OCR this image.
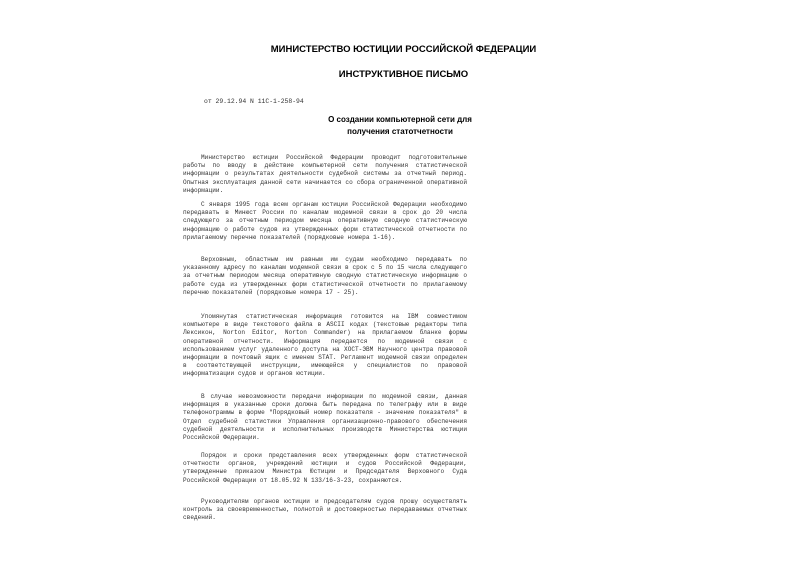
МИНИСТЕРСТВО ЮСТИЦИИ РОССИЙСКОЙ ФЕДЕРАЦИИ
ИНСТРУКТИВНОЕ ПИСЬМО
от 29.12.94 N 11С-1-258-94
О создании компьютерной сети для получения статотчетности
Министерство юстиции Российской Федерации проводит подготовительные работы по вводу в действие компьютерной сети получения статистической информации о результатах деятельности судебной системы за отчетный период. Опытная эксплуатация данной сети начинается со сбора ограниченной оперативной информации.
С января 1995 года всем органам юстиции Российской Федерации необходимо передавать в Минюст России по каналам модемной связи в срок до 20 числа следующего за отчетным периодом месяца оперативную сводную статистическую информацию о работе судов из утвержденных форм статистической отчетности по прилагаемому перечню показателей (порядковые номера 1-16).
Верховным, областным им равным им судам необходимо передавать по указанному адресу по каналам модемной связи в срок с 5 по 15 числа следующего за отчетным периодом месяца оперативную сводную статистическую информацию о работе суда из утвержденных форм статистической отчетности по прилагаемому перечню показателей (порядковые номера 17 - 25).
Упомянутая статистическая информация готовится на IBM совместимом компьютере в виде текстового файла в ASCII кодах (текстовые редакторы типа Лексикон, Norton Editor, Norton Commander) на прилагаемом бланке формы оперативной отчетности. Информация передается по модемной связи с использованием услуг удаленного доступа на ХОСТ-ЭВМ Научного центра правовой информации в почтовый ящик с именем STAT. Регламент модемной связи определен в соответствующей инструкции, имеющейся у специалистов по правовой информатизации судов и органов юстиции.
В случае невозможности передачи информации по модемной связи, данная информация в указанные сроки должна быть передана по телеграфу или в виде телефонограммы в форме "Порядковый номер показателя - значение показателя" в Отдел судебной статистики Управления организационно-правового обеспечения судебной деятельности и исполнительных производств Министерства юстиции Российской Федерации.
Порядок и сроки представления всех утвержденных форм статистической отчетности органов, учреждений юстиции и судов Российской Федерации, утвержденные приказом Министра Юстиции и Председателя Верховного Суда Российской Федерации от 18.05.92 N 133/16-3-23, сохраняются.
Руководителям органов юстиции и председателям судов прошу осуществлять контроль за своевременностью, полнотой и достоверностью передаваемых отчетных сведений.
